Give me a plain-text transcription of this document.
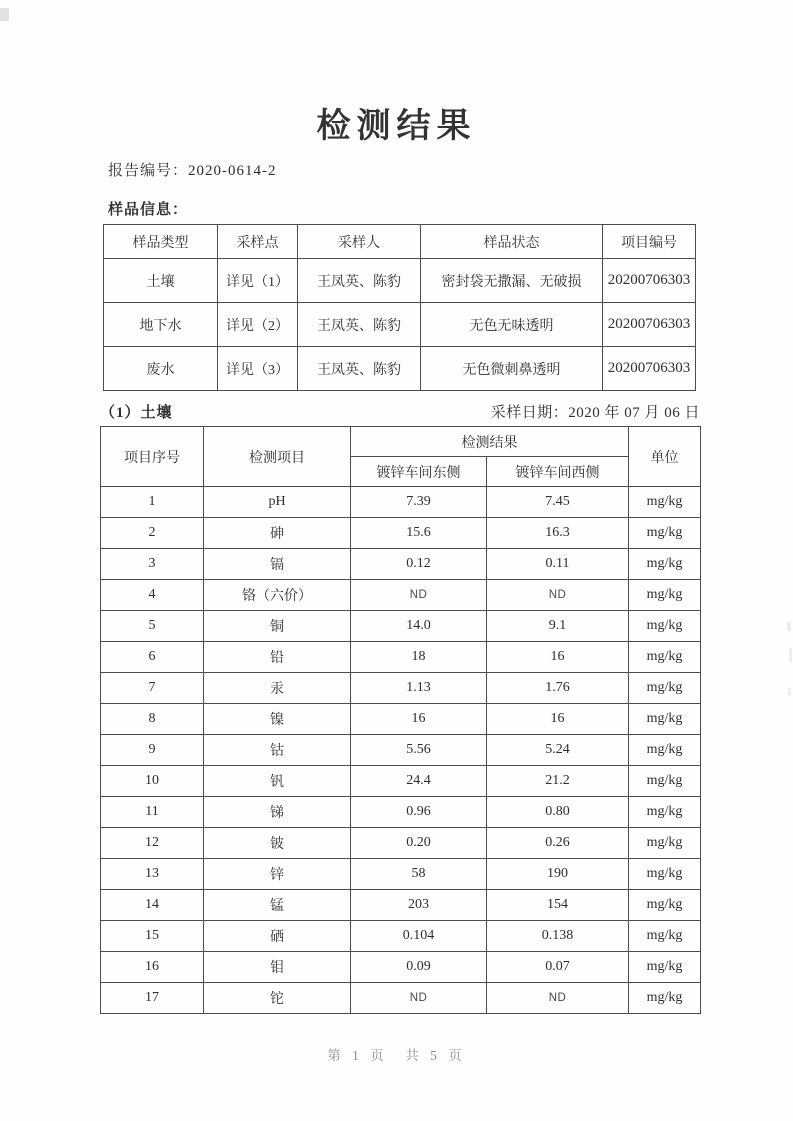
检测结果
报告编号：2020-0614-2
样品信息：
样品类型	采样点	采样人	样品状态	项目编号
土壤	详见（1）	王凤英、陈豹	密封袋无撒漏、无破损	20200706303
地下水	详见（2）	王凤英、陈豹	无色无味透明	20200706303
废水	详见（3）	王凤英、陈豹	无色微刺鼻透明	20200706303
（1）土壤	采样日期：2020 年 07 月 06 日
项目序号	检测项目	检测结果		单位
		镀锌车间东侧	镀锌车间西侧	
1	pH	7.39	7.45	mg/kg
2	砷	15.6	16.3	mg/kg
3	镉	0.12	0.11	mg/kg
4	铬（六价）	ND	ND	mg/kg
5	铜	14.0	9.1	mg/kg
6	铅	18	16	mg/kg
7	汞	1.13	1.76	mg/kg
8	镍	16	16	mg/kg
9	钴	5.56	5.24	mg/kg
10	钒	24.4	21.2	mg/kg
11	锑	0.96	0.80	mg/kg
12	铍	0.20	0.26	mg/kg
13	锌	58	190	mg/kg
14	锰	203	154	mg/kg
15	硒	0.104	0.138	mg/kg
16	钼	0.09	0.07	mg/kg
17	铊	ND	ND	mg/kg
第 1 页　共 5 页
